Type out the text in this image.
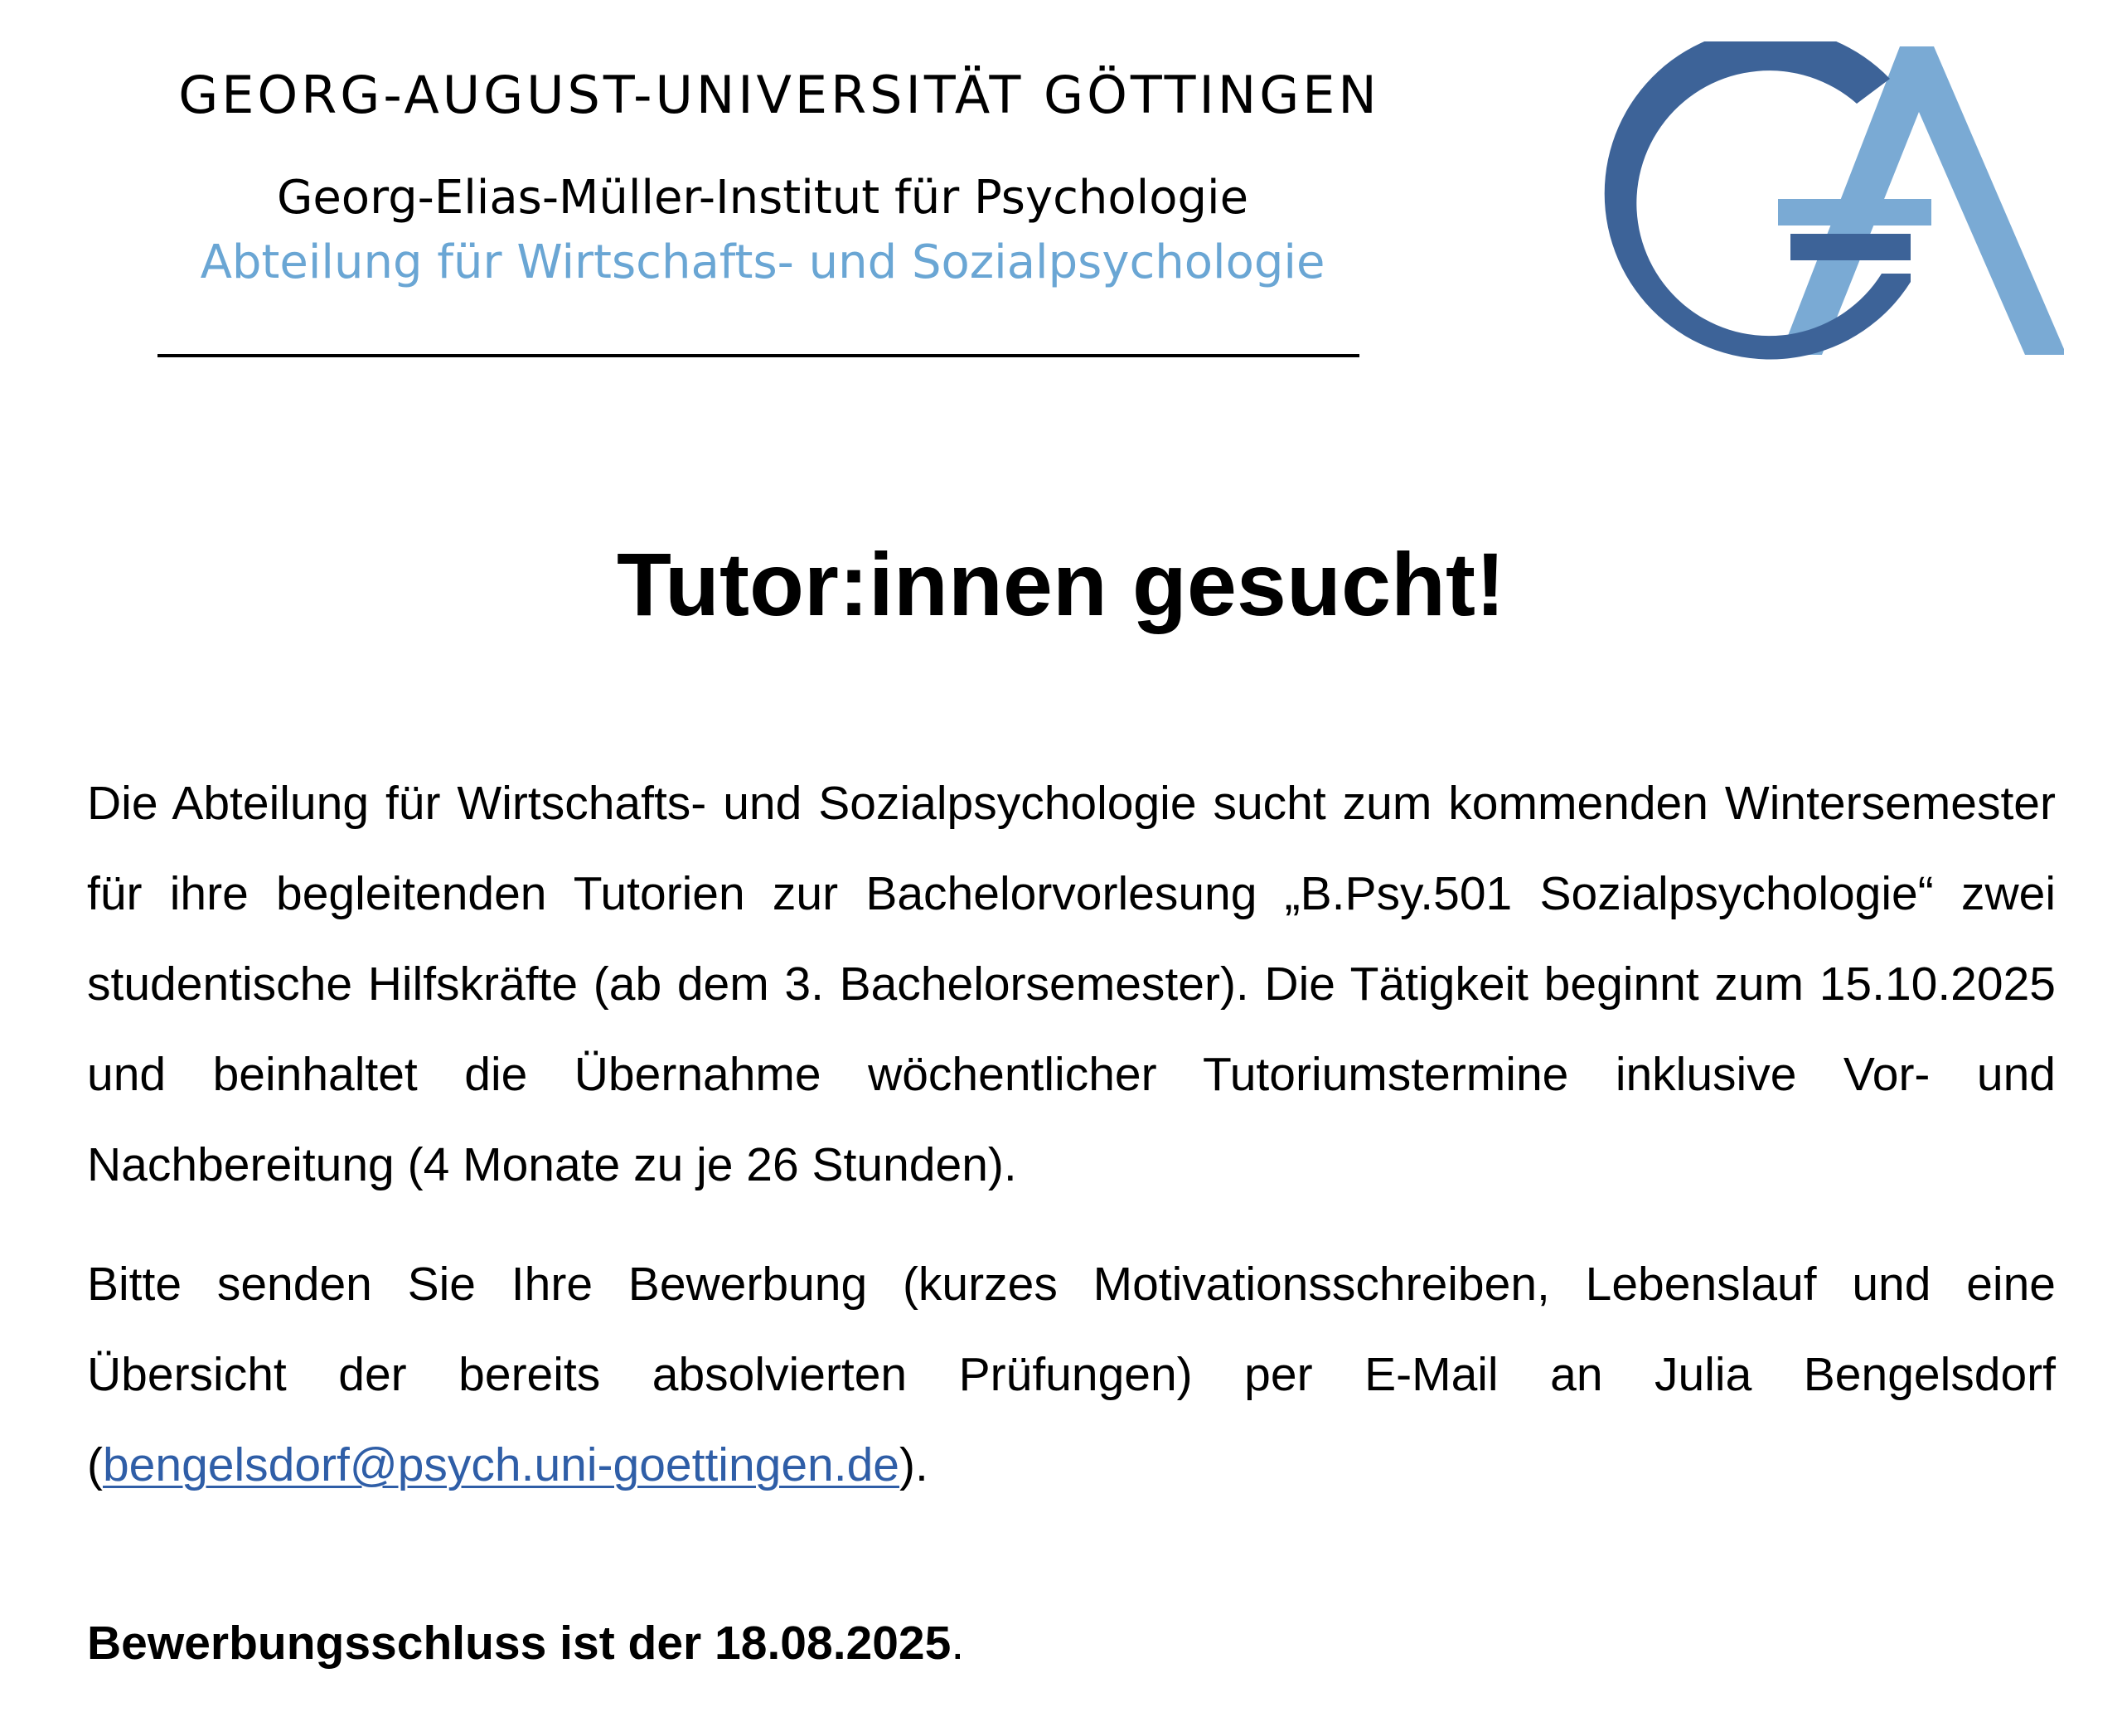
GEORG-AUGUST-UNIVERSITÄT GÖTTINGEN
Georg-Elias-Müller-Institut für Psychologie
Abteilung für Wirtschafts- und Sozialpsychologie
Tutor:innen gesucht!

Die Abteilung für Wirtschafts- und Sozialpsychologie sucht zum kommenden Wintersemester für ihre begleitenden Tutorien zur Bachelorvorlesung „B.Psy.501 Sozialpsychologie“ zwei studentische Hilfskräfte (ab dem 3. Bachelorsemester). Die Tätigkeit beginnt zum 15.10.2025 und beinhaltet die Übernahme wöchentlicher Tutoriumstermine inklusive Vor- und Nachbereitung (4 Monate zu je 26 Stunden).

Bitte senden Sie Ihre Bewerbung (kurzes Motivationsschreiben, Lebenslauf und eine Übersicht der bereits absolvierten Prüfungen) per E-Mail an Julia Bengelsdorf (bengelsdorf@psych.uni-goettingen.de).

Bewerbungsschluss ist der 18.08.2025.
